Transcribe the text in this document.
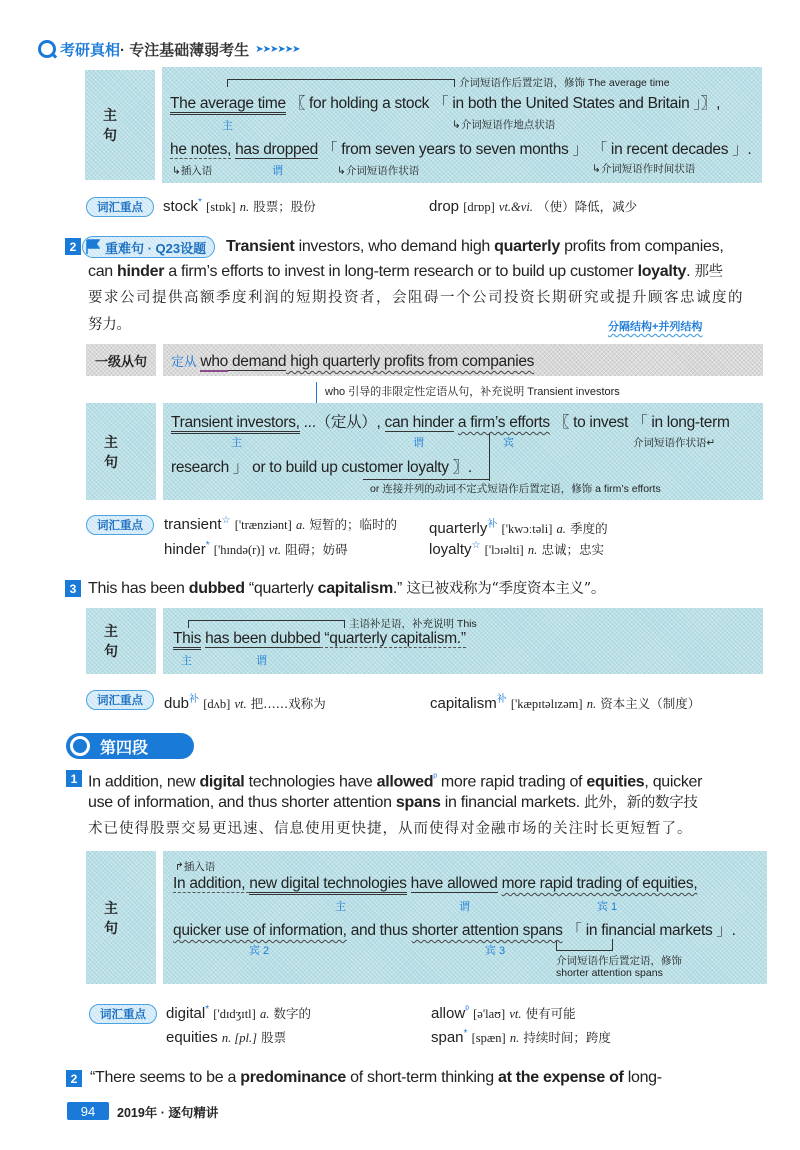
考研真相 · 专注基础薄弱考生 ➤➤➤➤➤➤
主句
介词短语作后置定语，修饰 The average time
The average time 〖 for holding a stock 「 in both the United States and Britain 」〗,
主	↳介词短语作地点状语
he notes, has dropped 「 from seven years to seven months 」 「 in recent decades 」.
↳插入语	谓	↳介词短语作状语	↳介词短语作时间状语
词汇重点	stock* [stɒk] n. 股票；股份	drop [drɒp] vt.&vi. （使）降低，减少
2	重难句 · Q23设题 Transient investors, who demand high quarterly profits from companies,
can hinder a firm’s efforts to invest in long-term research or to build up customer loyalty. 那些
要求公司提供高额季度利润的短期投资者，会阻碍一个公司投资长期研究或提升顾客忠诚度的
努力。	分隔结构+并列结构
一级从句	定从 who demand high quarterly profits from companies
who 引导的非限定性定语从句，补充说明 Transient investors
主句
Transient investors, ...（定从）, can hinder a firm’s efforts 〖 to invest 「 in long-term
主	谓	宾	介词短语作状语↵
research 」 or to build up customer loyalty 〗.
or 连接并列的动词不定式短语作后置定语，修饰 a firm’s efforts
词汇重点	transient☆ ['trænziənt] a. 短暂的；临时的 quarterly$^补$ ['kwɔːtəli] a. 季度的
hinder* ['hɪndə(r)] vt. 阻碍；妨碍	loyalty☆ ['lɔɪəlti] n. 忠诚；忠实
3 This has been dubbed “quarterly capitalism.” 这已被戏称为“季度资本主义”。
主句
主语补足语，补充说明 This
This has been dubbed “quarterly capitalism.”
主	谓
词汇重点	dub$^补$ [dʌb] vt. 把……戏称为	capitalism$^补$ ['kæpɪtəlɪzəm] n. 资本主义（制度）
第四段
1 In addition, new digital technologies have allowed$^ᵖ$ more rapid trading of equities, quicker
use of information, and thus shorter attention spans in financial markets. 此外，新的数字技
术已使得股票交易更迅速、信息使用更快捷，从而使得对金融市场的关注时长更短暂了。
主句
↱插入语
In addition, new digital technologies have allowed more rapid trading of equities,
主	谓	宾 1
quicker use of information, and thus shorter attention spans 「 in financial markets 」.
宾 2	宾 3
介词短语作后置定语，修饰
shorter attention spans
词汇重点	digital* ['dɪdʒɪtl] a. 数字的	allow$^ᵖ$ [ə'laʊ] vt. 使有可能
equities n. [pl.] 股票	span* [spæn] n. 持续时间；跨度
2 “There seems to be a predominance of short-term thinking at the expense of long-
94	2019年 · 逐句精讲
